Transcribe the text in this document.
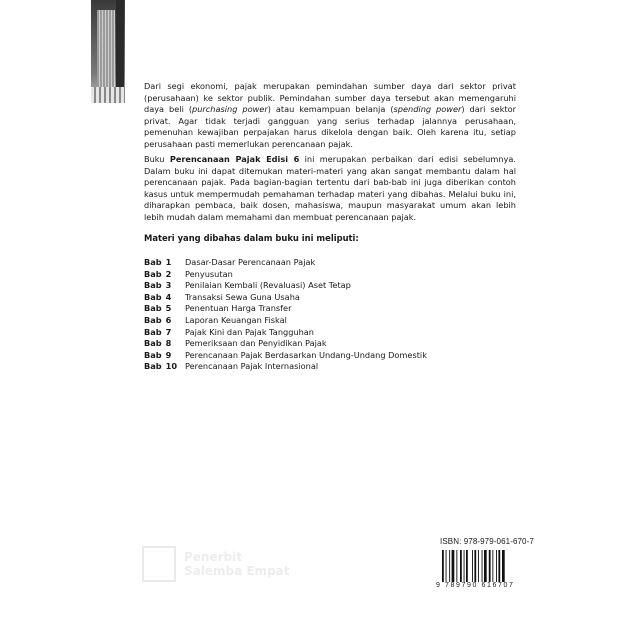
Dari segi ekonomi, pajak merupakan pemindahan sumber daya dari sektor privat (perusahaan) ke sektor publik. Pemindahan sumber daya tersebut akan memengaruhi daya beli (purchasing power) atau kemampuan belanja (spending power) dari sektor privat. Agar tidak terjadi gangguan yang serius terhadap jalannya perusahaan, pemenuhan kewajiban perpajakan harus dikelola dengan baik. Oleh karena itu, setiap perusahaan pasti memerlukan perencanaan pajak.
Buku Perencanaan Pajak Edisi 6 ini merupakan perbaikan dari edisi sebelumnya. Dalam buku ini dapat ditemukan materi-materi yang akan sangat membantu dalam hal perencanaan pajak. Pada bagian-bagian tertentu dari bab-bab ini juga diberikan contoh kasus untuk mempermudah pemahaman terhadap materi yang dibahas. Melalui buku ini, diharapkan pembaca, baik dosen, mahasiswa, maupun masyarakat umum akan lebih lebih mudah dalam memahami dan membuat perencanaan pajak.
Materi yang dibahas dalam buku ini meliputi:
Bab 1	Dasar-Dasar Perencanaan Pajak
Bab 2	Penyusutan
Bab 3	Penilaian Kembali (Revaluasi) Aset Tetap
Bab 4	Transaksi Sewa Guna Usaha
Bab 5	Penentuan Harga Transfer
Bab 6	Laporan Keuangan Fiskal
Bab 7	Pajak Kini dan Pajak Tangguhan
Bab 8	Pemeriksaan dan Penyidikan Pajak
Bab 9	Perencanaan Pajak Berdasarkan Undang-Undang Domestik
Bab 10 Perencanaan Pajak Internasional
Penerbit
Salemba Empat
ISBN: 978-979-061-670-7
9 789790 616707
